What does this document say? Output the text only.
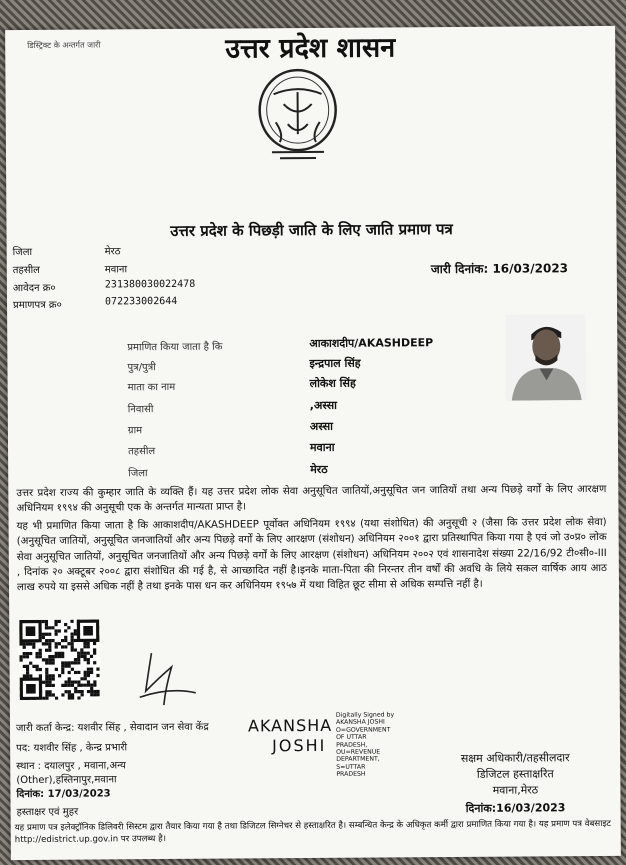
डिस्ट्रिक्ट के अन्तर्गत जारी	उत्तर प्रदेश शासन
उत्तर प्रदेश के पिछड़ी जाति के लिए जाति प्रमाण पत्र
जिला	मेरठ
तहसील	मवाना
आवेदन क्र०	231380030022478
प्रमाणपत्र क्र०	072233002644
जारी दिनांक: 16/03/2023
प्रमाणित किया जाता है कि	आकाशदीप/AKASHDEEP
पुत्र/पुत्री	इन्द्रपाल सिंह
माता का नाम	लोकेश सिंह
निवासी	,अस्सा
ग्राम	अस्सा
तहसील	मवाना
जिला	मेरठ
उत्तर प्रदेश राज्य की कुम्हार जाति के व्यक्ति हैं। यह उत्तर प्रदेश लोक सेवा अनुसूचित जातियों,अनुसूचित जन जातियों तथा अन्य पिछड़े वर्गों के लिए आरक्षण अधिनियम १९९४ की अनुसूची एक के अन्तर्गत मान्यता प्राप्त है।
यह भी प्रमाणित किया जाता है कि आकाशदीप/AKASHDEEP पूर्वोक्त अधिनियम १९९४ (यथा संशोधित) की अनुसूची २ (जैसा कि उत्तर प्रदेश लोक सेवा)(अनुसूचित जातियों, अनुसूचित जनजातियों और अन्य पिछड़े वर्गों के लिए आरक्षण (संशोधन) अधिनियम २००१ द्वारा प्रतिस्थापित किया गया है एवं जो उ०प्र० लोक सेवा अनुसूचित जातियों, अनुसूचित जनजातियों और अन्य पिछड़े वर्गों के लिए आरक्षण (संशोधन) अधिनियम २००२ एवं शासनादेश संख्या 22/16/92 टी०सी०-III , दिनांक २० अक्टूबर २००८ द्वारा संशोधित की गई है, से आच्छादित नहीं है।इनके माता-पिता की निरन्तर तीन वर्षों की अवधि के लिये सकल वार्षिक आय आठ लाख रुपये या इससे अधिक नहीं है तथा इनके पास धन कर अधिनियम १९५७ में यथा विहित छूट सीमा से अधिक सम्पत्ति नहीं है।
AKANSHA
JOSHI
Digitally Signed by
AKANSHA JOSHI
O=GOVERNMENT
OF UTTAR
PRADESH,
OU=REVENUE
DEPARTMENT,
S=UTTAR
PRADESH
जारी कर्ता केन्द्र: यशवीर सिंह , सेवादान जन सेवा केंद्र
पद: यशवीर सिंह , केन्द्र प्रभारी
स्थान : दयालपुर , मवाना,अन्य
(Other),हस्तिनापुर,मवाना
दिनांक: 17/03/2023
हस्ताक्षर एवं मुहर
सक्षम अधिकारी/तहसीलदार
डिजिटल हस्ताक्षरित
मवाना,मेरठ
दिनांक:16/03/2023
यह प्रमाण पत्र इलेक्ट्रॉनिक डिलिवरी सिस्टम द्वारा तैयार किया गया है तथा डिजिटल सिग्नेचर से हस्ताक्षरित है। सम्बन्धित केन्द्र के अधिकृत कर्मी द्वारा प्रमाणित किया गया है। यह प्रमाण पत्र वेबसाइट http://edistrict.up.gov.in पर उपलब्ध है।
